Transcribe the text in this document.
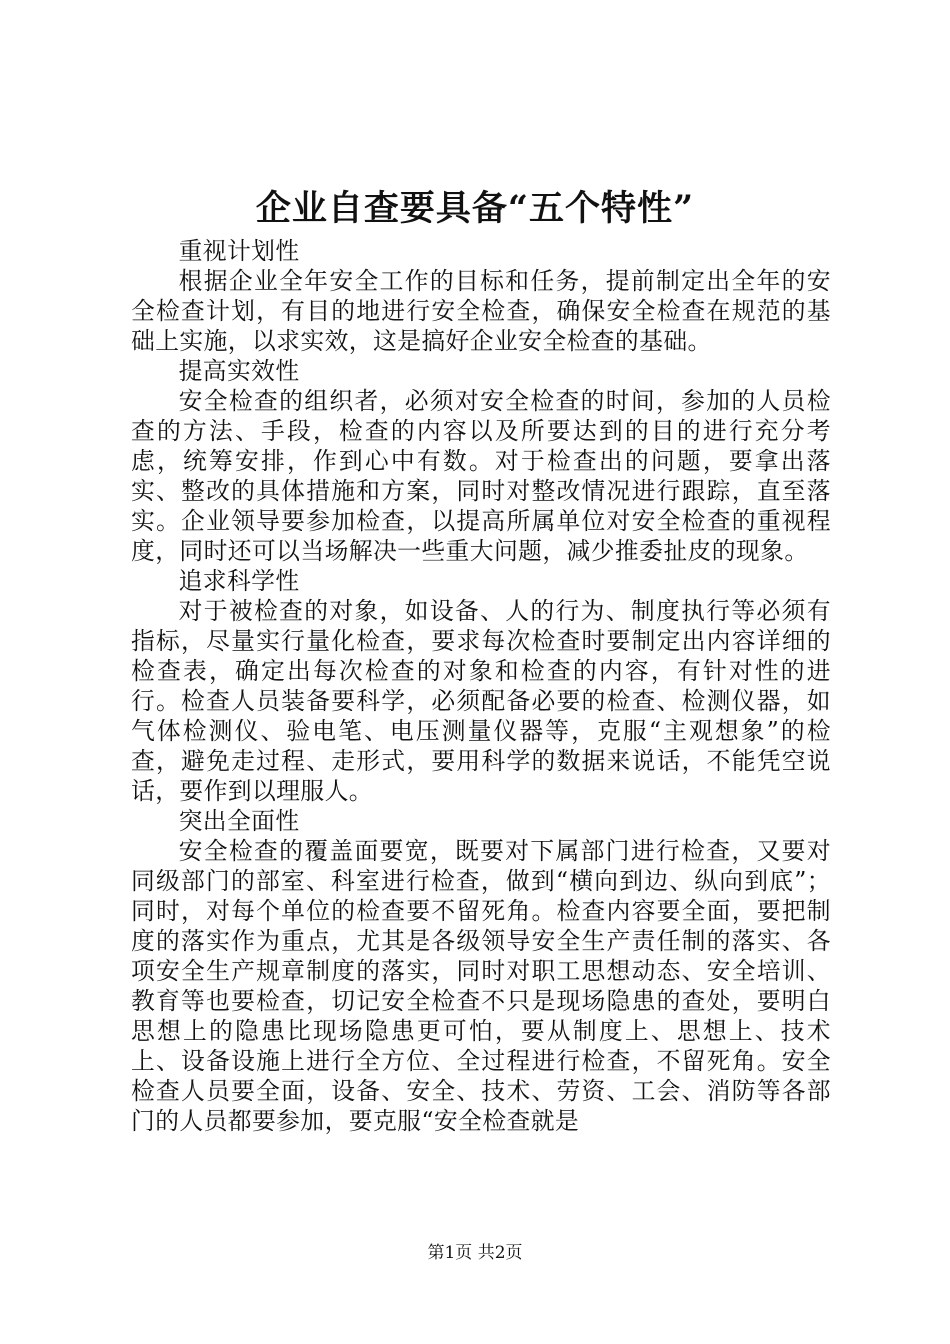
企业自查要具备“五个特性”

重视计划性

根据企业全年安全工作的目标和任务，提前制定出全年的安全检查计划，有目的地进行安全检查，确保安全检查在规范的基础上实施，以求实效，这是搞好企业安全检查的基础。

提高实效性

安全检查的组织者，必须对安全检查的时间，参加的人员检查的方法、手段，检查的内容以及所要达到的目的进行充分考虑，统筹安排，作到心中有数。对于检查出的问题，要拿出落实、整改的具体措施和方案，同时对整改情况进行跟踪，直至落实。企业领导要参加检查，以提高所属单位对安全检查的重视程度，同时还可以当场解决一些重大问题，减少推委扯皮的现象。

追求科学性

对于被检查的对象，如设备、人的行为、制度执行等必须有指标，尽量实行量化检查，要求每次检查时要制定出内容详细的检查表，确定出每次检查的对象和检查的内容，有针对性的进行。检查人员装备要科学，必须配备必要的检查、检测仪器，如气体检测仪、验电笔、电压测量仪器等，克服“主观想象”的检查，避免走过程、走形式，要用科学的数据来说话，不能凭空说话，要作到以理服人。

突出全面性

安全检查的覆盖面要宽，既要对下属部门进行检查，又要对同级部门的部室、科室进行检查，做到“横向到边、纵向到底”；同时，对每个单位的检查要不留死角。检查内容要全面，要把制度的落实作为重点，尤其是各级领导安全生产责任制的落实、各项安全生产规章制度的落实，同时对职工思想动态、安全培训、教育等也要检查，切记安全检查不只是现场隐患的查处，要明白思想上的隐患比现场隐患更可怕，要从制度上、思想上、技术上、设备设施上进行全方位、全过程进行检查，不留死角。安全检查人员要全面，设备、安全、技术、劳资、工会、消防等各部门的人员都要参加，要克服“安全检查就是

第1页 共2页
